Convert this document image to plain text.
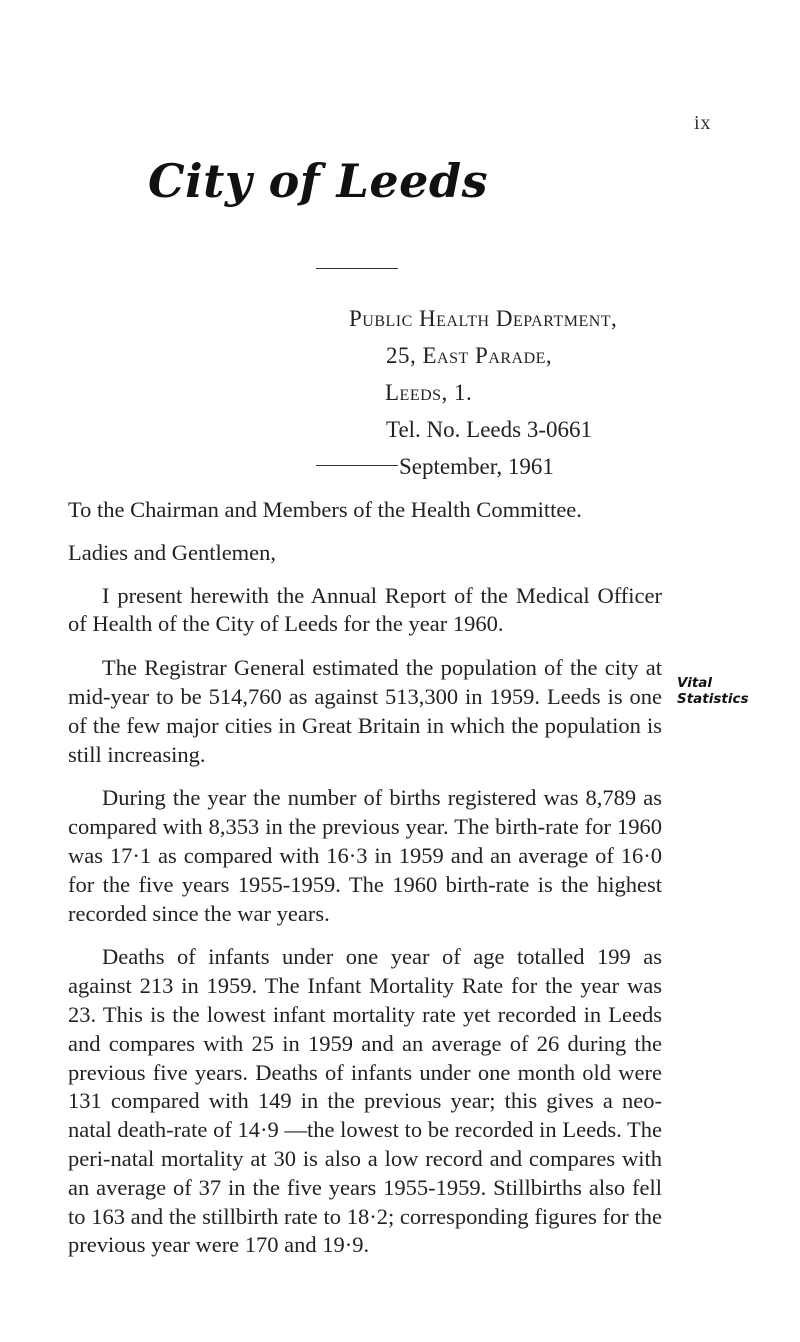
ix
City of Leeds
Public Health Department,
25, East Parade,
Leeds, 1.
Tel. No. Leeds 3-0661
September, 1961

To the Chairman and Members of the Health Committee.

Ladies and Gentlemen,

I present herewith the Annual Report of the Medical Officer of Health of the City of Leeds for the year 1960.

The Registrar General estimated the population of the city at mid-year to be 514,760 as against 513,300 in 1959. Leeds is one of the few major cities in Great Britain in which the population is still increasing.

During the year the number of births registered was 8,789 as compared with 8,353 in the previous year. The birth-rate for 1960 was 17·1 as compared with 16·3 in 1959 and an average of 16·0 for the five years 1955-1959. The 1960 birth-rate is the highest recorded since the war years.

Deaths of infants under one year of age totalled 199 as against 213 in 1959. The Infant Mortality Rate for the year was 23. This is the lowest infant mortality rate yet recorded in Leeds and compares with 25 in 1959 and an average of 26 during the previous five years. Deaths of infants under one month old were 131 compared with 149 in the previous year; this gives a neo-natal death-rate of 14·9 —the lowest to be recorded in Leeds. The peri-natal mortality at 30 is also a low record and compares with an average of 37 in the five years 1955-1959. Stillbirths also fell to 163 and the stillbirth rate to 18·2; corresponding figures for the previous year were 170 and 19·9.

Vital
Statistics
